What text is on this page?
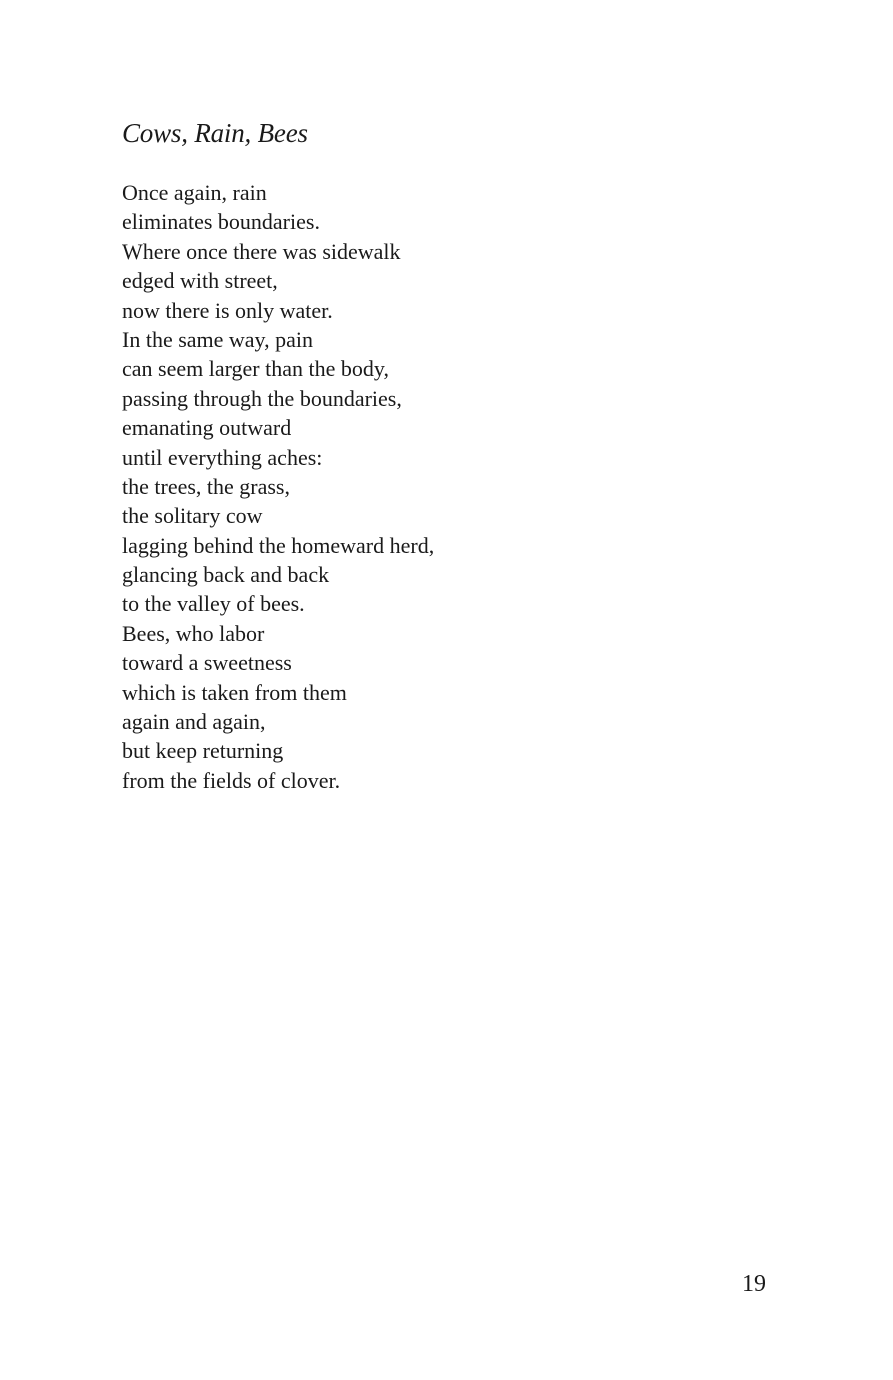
Cows, Rain, Bees
Once again, rain
eliminates boundaries.
Where once there was sidewalk
edged with street,
now there is only water.
In the same way, pain
can seem larger than the body,
passing through the boundaries,
emanating outward
until everything aches:
the trees, the grass,
the solitary cow
lagging behind the homeward herd,
glancing back and back
to the valley of bees.
Bees, who labor
toward a sweetness
which is taken from them
again and again,
but keep returning
from the fields of clover.
19
